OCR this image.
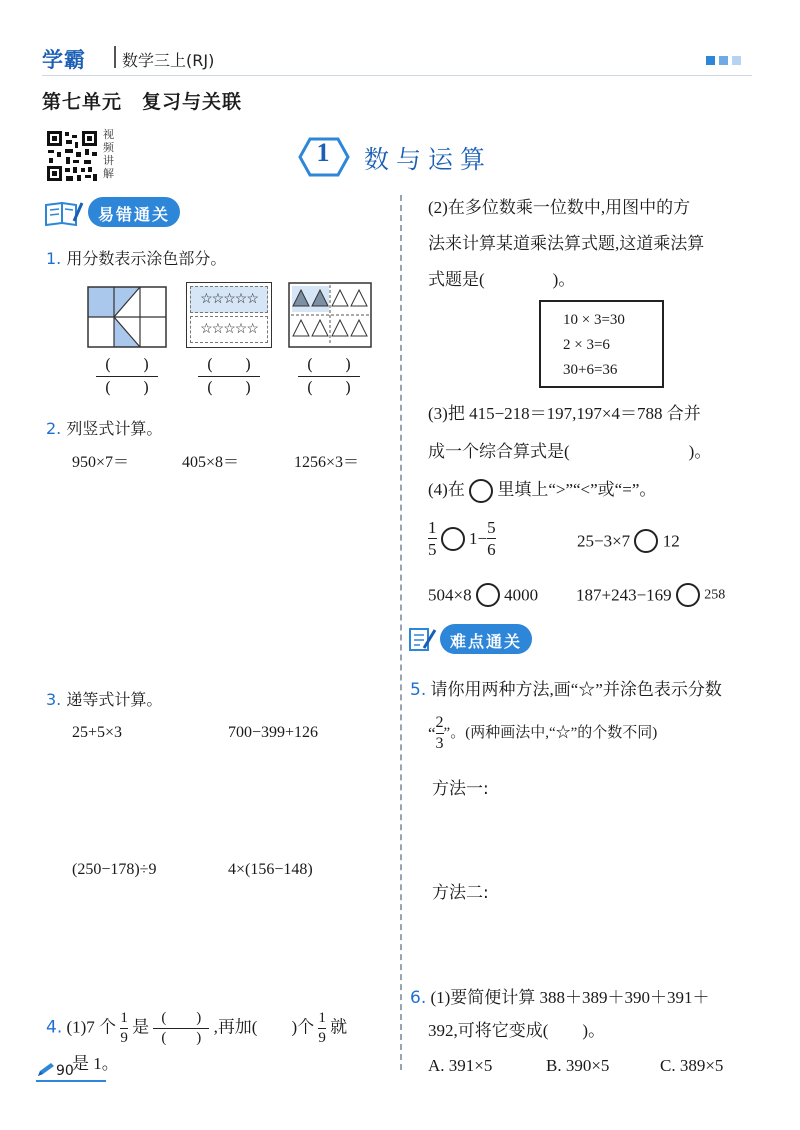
学霸 数学三上(RJ)
第七单元　复习与关联
视频讲解
1	数与运算
易错通关
1. 用分数表示涂色部分。
☆☆☆☆☆
☆☆☆☆☆
(　　)
(　　)
(　　)
(　　)
(　　)
(　　)
2. 列竖式计算。
950×7＝	405×8＝	1256×3＝
3. 递等式计算。
25+5×3	700−399+126
(250−178)÷9	4×(156−148)
4. (1)7 个 $\frac{1}{9}$ 是 (　　)
(　　)
,再加(　　)个 $\frac{1}{9}$ 就
是 1。
90
(2)在多位数乘一位数中,用图中的方
法来计算某道乘法算式题,这道乘法算
式题是(　　　　)。
10 × 3=30
2 × 3=6
30+6=36
(3)把 415−218＝197,197×4＝788 合并
成一个综合算式是(　　　　　　　)。
(4)在 里填上“>”“<”或“=”。
$\frac{1}{5} 1- \frac{5}{6}$	25−3×7 12
504×8 4000 187+243−169 258
难点通关
5. 请你用两种方法,画“☆”并涂色表示分数
“ $\frac{2}{3}$ ”。(两种画法中,“☆”的个数不同)
方法一:
方法二:
6. (1)要简便计算 388＋389＋390＋391＋
392,可将它变成(　　)。
A. 391×5	B. 390×5	C. 389×5
